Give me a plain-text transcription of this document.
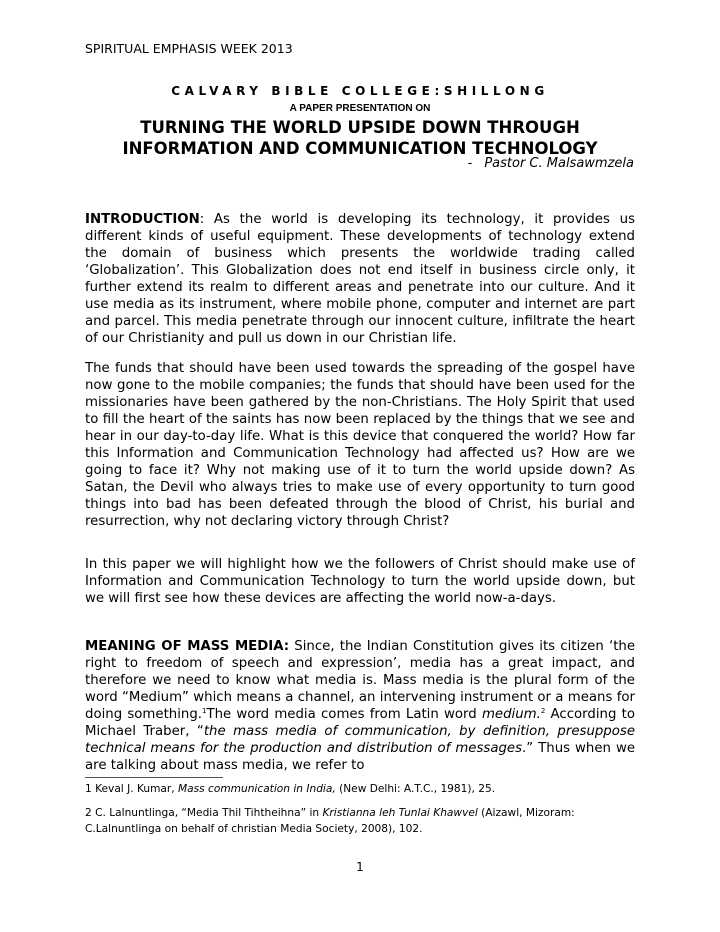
SPIRITUAL EMPHASIS WEEK 2013
CALVARY BIBLE COLLEGE:SHILLONG
A PAPER PRESENTATION ON
TURNING THE WORLD UPSIDE DOWN THROUGH
INFORMATION AND COMMUNICATION TECHNOLOGY
- Pastor C. Malsawmzela
INTRODUCTION: As the world is developing its technology, it provides us different kinds of useful equipment. These developments of technology extend the domain of business which presents the worldwide trading called ‘Globalization’. This Globalization does not end itself in business circle only, it further extend its realm to different areas and penetrate into our culture. And it use media as its instrument, where mobile phone, computer and internet are part and parcel. This media penetrate through our innocent culture, infiltrate the heart of our Christianity and pull us down in our Christian life.
The funds that should have been used towards the spreading of the gospel have now gone to the mobile companies; the funds that should have been used for the missionaries have been gathered by the non-Christians. The Holy Spirit that used to fill the heart of the saints has now been replaced by the things that we see and hear in our day-to-day life. What is this device that conquered the world? How far this Information and Communication Technology had affected us? How are we going to face it? Why not making use of it to turn the world upside down? As Satan, the Devil who always tries to make use of every opportunity to turn good things into bad has been defeated through the blood of Christ, his burial and resurrection, why not declaring victory through Christ?
In this paper we will highlight how we the followers of Christ should make use of Information and Communication Technology to turn the world upside down, but we will first see how these devices are affecting the world now-a-days.
MEANING OF MASS MEDIA: Since, the Indian Constitution gives its citizen ‘the right to freedom of speech and expression’, media has a great impact, and therefore we need to know what media is. Mass media is the plural form of the word “Medium” which means a channel, an intervening instrument or a means for doing something.$^1$The word media comes from Latin word medium.$^2$ According to Michael Traber, “the mass media of communication, by definition, presuppose technical means for the production and distribution of messages.” Thus when we are talking about mass media, we refer to
1 Keval J. Kumar, Mass communication in India, (New Delhi: A.T.C., 1981), 25.
2 C. Lalnuntlinga, “Media Thil Tihtheihna” in Kristianna leh Tunlai Khawvel (Aizawl, Mizoram: C.Lalnuntlinga on behalf of christian Media Society, 2008), 102.
1
